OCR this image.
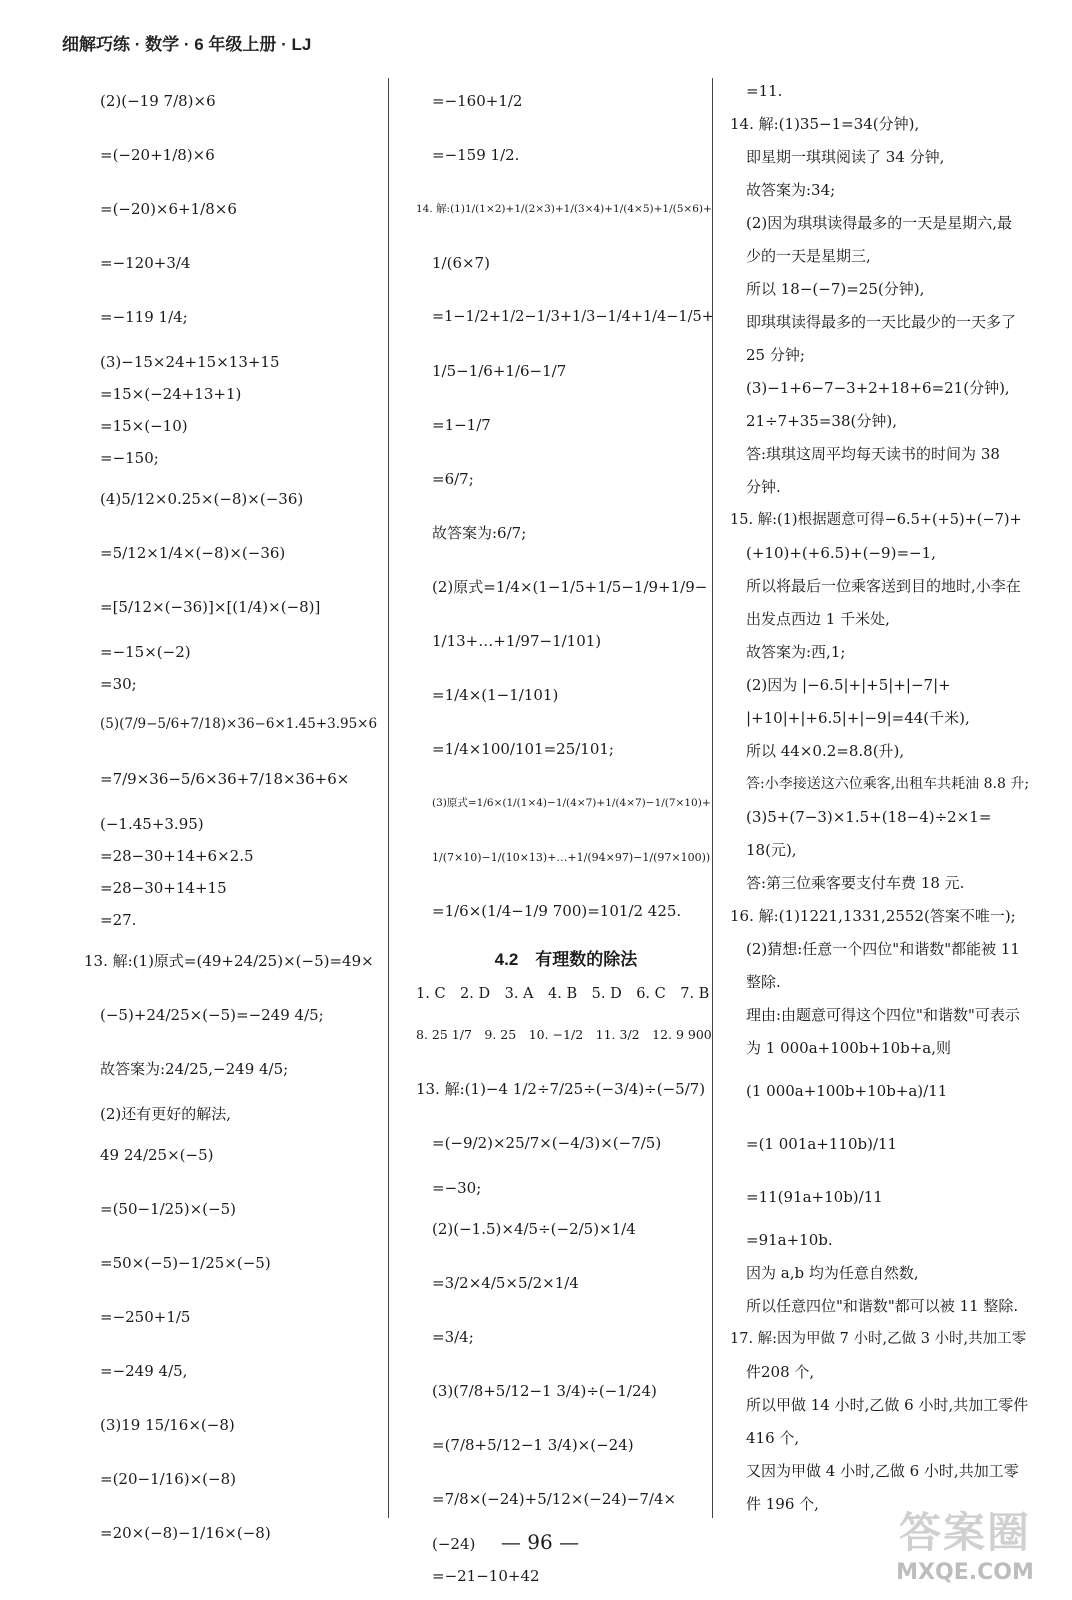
细解巧练 · 数学 · 6 年级上册 · LJ
(2)(−19 7/8)×6
=(−20+1/8)×6
=(−20)×6+1/8×6
=−120+3/4
=−119 1/4;
(3)−15×24+15×13+15
=15×(−24+13+1)
=15×(−10)
=−150;
(4)5/12×0.25×(−8)×(−36)
=5/12×1/4×(−8)×(−36)
=[5/12×(−36)]×[(1/4)×(−8)]
=−15×(−2)
=30;
(5)(7/9−5/6+7/18)×36−6×1.45+3.95×6
=7/9×36−5/6×36+7/18×36+6×
(−1.45+3.95)
=28−30+14+6×2.5
=28−30+14+15
=27.
13. 解:(1)原式=(49+24/25)×(−5)=49×
(−5)+24/25×(−5)=−249 4/5;
故答案为:24/25,−249 4/5;
(2)还有更好的解法,
49 24/25×(−5)
=(50−1/25)×(−5)
=50×(−5)−1/25×(−5)
=−250+1/5
=−249 4/5,
(3)19 15/16×(−8)
=(20−1/16)×(−8)
=20×(−8)−1/16×(−8)
=−160+1/2
=−159 1/2.
14. 解:(1)1/(1×2)+1/(2×3)+1/(3×4)+1/(4×5)+1/(5×6)+
1/(6×7)
=1−1/2+1/2−1/3+1/3−1/4+1/4−1/5+
1/5−1/6+1/6−1/7
=1−1/7
=6/7;
故答案为:6/7;
(2)原式=1/4×(1−1/5+1/5−1/9+1/9−
1/13+…+1/97−1/101)
=1/4×(1−1/101)
=1/4×100/101=25/101;
(3)原式=1/6×(1/(1×4)−1/(4×7)+1/(4×7)−1/(7×10)+
1/(7×10)−1/(10×13)+…+1/(94×97)−1/(97×100))
=1/6×(1/4−1/9 700)=101/2 425.
4.2　有理数的除法
1. C　2. D　3. A　4. B　5. D　6. C　7. B
8. 25 1/7　9. 25　10. −1/2　11. 3/2　12. 9 900
13. 解:(1)−4 1/2÷7/25÷(−3/4)÷(−5/7)
=(−9/2)×25/7×(−4/3)×(−7/5)
=−30;
(2)(−1.5)×4/5÷(−2/5)×1/4
=3/2×4/5×5/2×1/4
=3/4;
(3)(7/8+5/12−1 3/4)÷(−1/24)
=(7/8+5/12−1 3/4)×(−24)
=7/8×(−24)+5/12×(−24)−7/4×
(−24)
=−21−10+42
=11.
14. 解:(1)35−1=34(分钟),
即星期一琪琪阅读了 34 分钟,
故答案为:34;
(2)因为琪琪读得最多的一天是星期六,最
少的一天是星期三,
所以 18−(−7)=25(分钟),
即琪琪读得最多的一天比最少的一天多了
25 分钟;
(3)−1+6−7−3+2+18+6=21(分钟),
21÷7+35=38(分钟),
答:琪琪这周平均每天读书的时间为 38
分钟.
15. 解:(1)根据题意可得−6.5+(+5)+(−7)+
(+10)+(+6.5)+(−9)=−1,
所以将最后一位乘客送到目的地时,小李在
出发点西边 1 千米处,
故答案为:西,1;
(2)因为 |−6.5|+|+5|+|−7|+
|+10|+|+6.5|+|−9|=44(千米),
所以 44×0.2=8.8(升),
答:小李接送这六位乘客,出租车共耗油 8.8 升;
(3)5+(7−3)×1.5+(18−4)÷2×1=
18(元),
答:第三位乘客要支付车费 18 元.
16. 解:(1)1221,1331,2552(答案不唯一);
(2)猜想:任意一个四位"和谐数"都能被 11
整除.
理由:由题意可得这个四位"和谐数"可表示
为 1 000a+100b+10b+a,则
(1 000a+100b+10b+a)/11
=(1 001a+110b)/11
=11(91a+10b)/11
=91a+10b.
因为 a,b 均为任意自然数,
所以任意四位"和谐数"都可以被 11 整除.
17. 解:因为甲做 7 小时,乙做 3 小时,共加工零
件208 个,
所以甲做 14 小时,乙做 6 小时,共加工零件
416 个,
又因为甲做 4 小时,乙做 6 小时,共加工零
件 196 个,
— 96 —	答案圈
MXQE.COM
